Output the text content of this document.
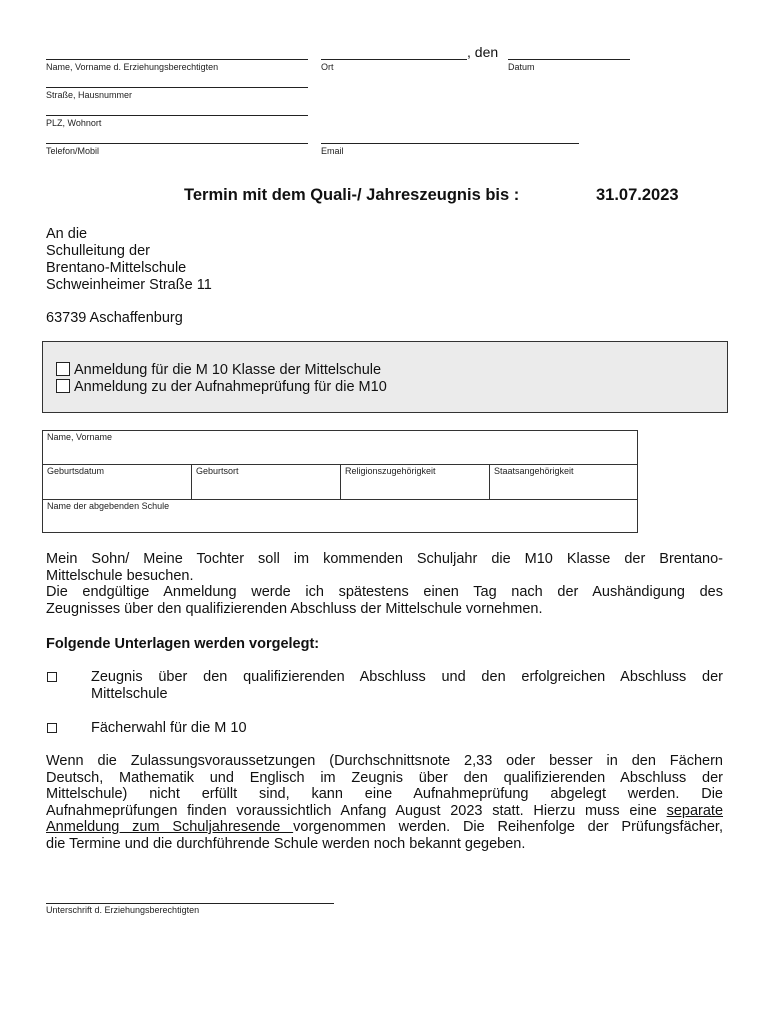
Name, Vorname d. Erziehungsberechtigten
, den
Ort	Datum
Straße, Hausnummer
PLZ, Wohnort
Telefon/Mobil	Email
Termin mit dem Quali-/ Jahreszeugnis bis :	31.07.2023
An die
Schulleitung der
Brentano-Mittelschule
Schweinheimer Straße 11
63739 Aschaffenburg
Anmeldung für die M 10 Klasse der Mittelschule
Anmeldung zu der Aufnahmeprüfung für die M10
Name, Vorname
Geburtsdatum	Geburtsort	Religionszugehörigkeit	Staatsangehörigkeit
Name der abgebenden Schule
Mein Sohn/ Meine Tochter soll im kommenden Schuljahr die M10 Klasse der Brentano-
Mittelschule besuchen.
Die endgültige Anmeldung werde ich spätestens einen Tag nach der Aushändigung des
Zeugnisses über den qualifizierenden Abschluss der Mittelschule vornehmen.
Folgende Unterlagen werden vorgelegt:
Zeugnis über den qualifizierenden Abschluss und den erfolgreichen Abschluss der
Mittelschule
Fächerwahl für die M 10
Wenn die Zulassungsvoraussetzungen (Durchschnittsnote 2,33 oder besser in den Fächern
Deutsch, Mathematik und Englisch im Zeugnis über den qualifizierenden Abschluss der
Mittelschule) nicht erfüllt sind, kann eine Aufnahmeprüfung abgelegt werden. Die
Aufnahmeprüfungen finden voraussichtlich Anfang August 2023 statt. Hierzu muss eine separate
Anmeldung zum Schuljahresende vorgenommen werden. Die Reihenfolge der Prüfungsfächer,
die Termine und die durchführende Schule werden noch bekannt gegeben.
Unterschrift d. Erziehungsberechtigten
